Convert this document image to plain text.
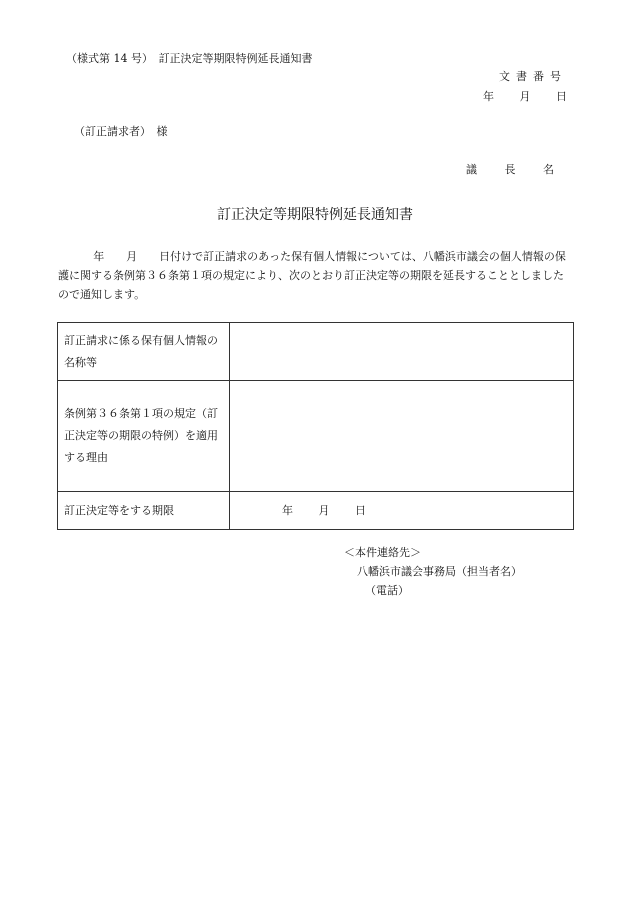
（様式第 14 号）　訂正決定等期限特例延長通知書
文書番号
年 月 日
（訂正請求者）　様
議 長 名
訂正決定等期限特例延長通知書
年　　月　　日付けで訂正請求のあった保有個人情報については、八幡浜市議会の個人情報の保護に関する条例第３６条第１項の規定により、次のとおり訂正決定等の期限を延長することとしましたので通知します。
訂正請求に係る保有個人情報の名称等	
条例第３６条第１項の規定（訂正決定等の期限の特例）を適用する理由	
訂正決定等をする期限	年 月 日
＜本件連絡先＞
八幡浜市議会事務局（担当者名）
（電話）
